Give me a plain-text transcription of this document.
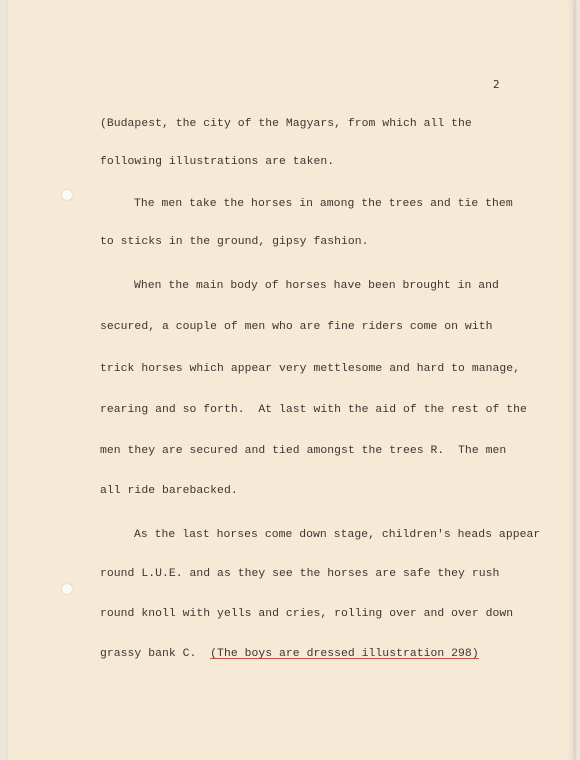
2
(Budapest, the city of the Magyars, from which all the
following illustrations are taken.
The men take the horses in among the trees and tie them
to sticks in the ground, gipsy fashion.
When the main body of horses have been brought in and
secured, a couple of men who are fine riders come on with
trick horses which appear very mettlesome and hard to manage,
rearing and so forth.  At last with the aid of the rest of the
men they are secured and tied amongst the trees R.  The men
all ride barebacked.
As the last horses come down stage, children's heads appear
round L.U.E. and as they see the horses are safe they rush
round knoll with yells and cries, rolling over and over down
grassy bank C.  (The boys are dressed illustration 298)
